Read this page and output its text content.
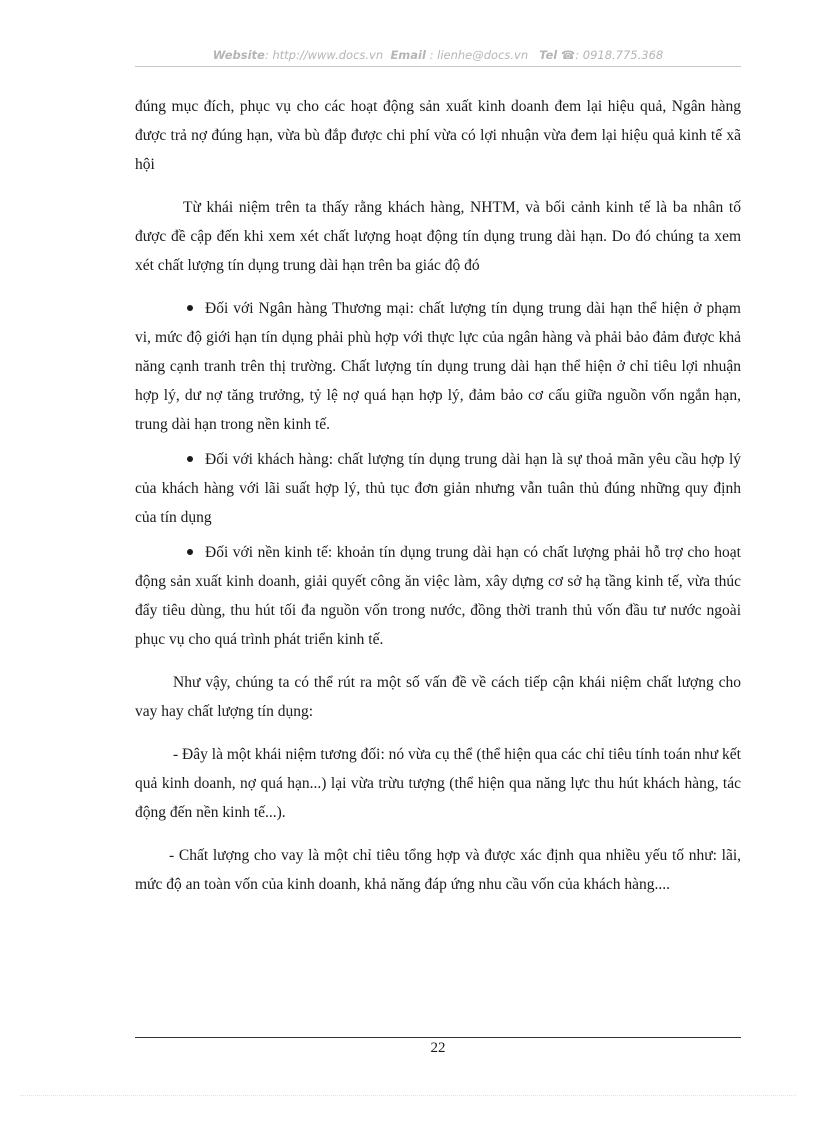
Website: http://www.docs.vn Email : lienhe@docs.vn Tel ☎: 0918.775.368

đúng mục đích, phục vụ cho các hoạt động sản xuất kinh doanh đem lại hiệu quả, Ngân hàng được trả nợ đúng hạn, vừa bù đắp được chi phí vừa có lợi nhuận vừa đem lại hiệu quả kinh tế xã hội

Từ khái niệm trên ta thấy rằng khách hàng, NHTM, và bối cảnh kinh tế là ba nhân tố được đề cập đến khi xem xét chất lượng hoạt động tín dụng trung dài hạn. Do đó chúng ta xem xét chất lượng tín dụng trung dài hạn trên ba giác độ đó

Đối với Ngân hàng Thương mại: chất lượng tín dụng trung dài hạn thể hiện ở phạm vi, mức độ giới hạn tín dụng phải phù hợp với thực lực của ngân hàng và phải bảo đảm được khả năng cạnh tranh trên thị trường. Chất lượng tín dụng trung dài hạn thể hiện ở chỉ tiêu lợi nhuận hợp lý, dư nợ tăng trưởng, tỷ lệ nợ quá hạn hợp lý, đảm bảo cơ cấu giữa nguồn vốn ngắn hạn, trung dài hạn trong nền kinh tế.

Đối với khách hàng: chất lượng tín dụng trung dài hạn là sự thoả mãn yêu cầu hợp lý của khách hàng với lãi suất hợp lý, thủ tục đơn giản nhưng vẫn tuân thủ đúng những quy định của tín dụng

Đối với nền kinh tế: khoản tín dụng trung dài hạn có chất lượng phải hỗ trợ cho hoạt động sản xuất kinh doanh, giải quyết công ăn việc làm, xây dựng cơ sở hạ tầng kinh tế, vừa thúc đẩy tiêu dùng, thu hút tối đa nguồn vốn trong nước, đồng thời tranh thủ vốn đầu tư nước ngoài phục vụ cho quá trình phát triển kinh tế.

Như vậy, chúng ta có thể rút ra một số vấn đề về cách tiếp cận khái niệm chất lượng cho vay hay chất lượng tín dụng:

- Đây là một khái niệm tương đối: nó vừa cụ thể (thể hiện qua các chỉ tiêu tính toán như kết quả kinh doanh, nợ quá hạn...) lại vừa trừu tượng (thể hiện qua năng lực thu hút khách hàng, tác động đến nền kinh tế...).

- Chất lượng cho vay là một chỉ tiêu tổng hợp và được xác định qua nhiều yếu tố như: lãi, mức độ an toàn vốn của kinh doanh, khả năng đáp ứng nhu cầu vốn của khách hàng....

22
